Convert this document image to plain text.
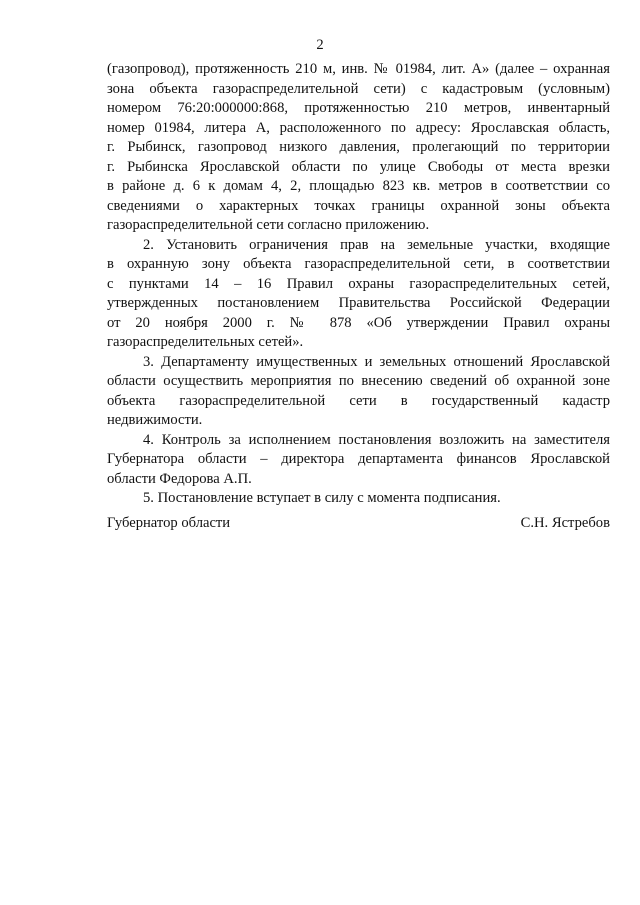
2
(газопровод), протяженность 210 м, инв. № 01984, лит. А» (далее – охранная
зона объекта газораспределительной сети) с кадастровым (условным)
номером 76:20:000000:868, протяженностью 210 метров, инвентарный
номер 01984, литера А, расположенного по адресу: Ярославская область,
г. Рыбинск, газопровод низкого давления, пролегающий по территории
г. Рыбинска Ярославской области по улице Свободы от места врезки
в районе д. 6 к домам 4, 2, площадью 823 кв. метров в соответствии со
сведениями о характерных точках границы охранной зоны объекта
газораспределительной сети согласно приложению.
2. Установить ограничения прав на земельные участки, входящие
в охранную зону объекта газораспределительной сети, в соответствии
с пунктами 14 – 16 Правил охраны газораспределительных сетей,
утвержденных постановлением Правительства Российской Федерации
от 20 ноября 2000 г. № 878 «Об утверждении Правил охраны
газораспределительных сетей».
3. Департаменту имущественных и земельных отношений Ярославской
области осуществить мероприятия по внесению сведений об охранной зоне
объекта газораспределительной сети в государственный кадастр
недвижимости.
4. Контроль за исполнением постановления возложить на заместителя
Губернатора области – директора департамента финансов Ярославской
области Федорова А.П.
5. Постановление вступает в силу с момента подписания.
Губернатор области	С.Н. Ястребов
